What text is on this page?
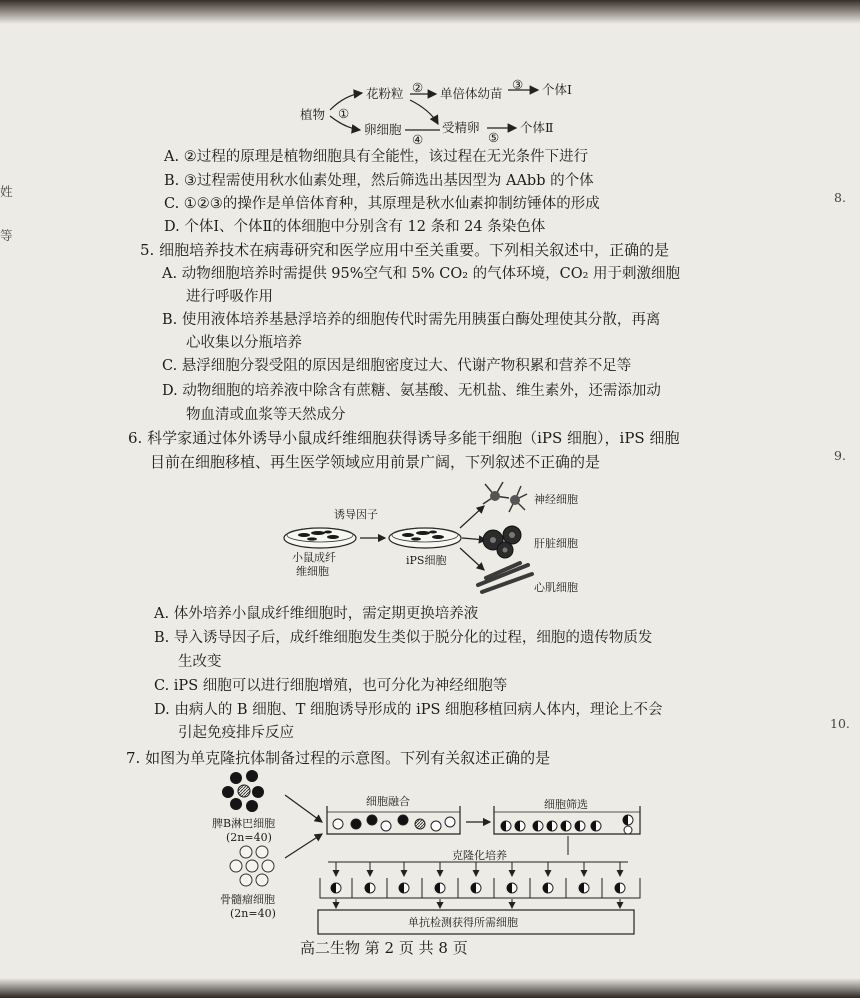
植物 ①
花粉粒 ② 单倍体幼苗
③ 个体Ⅰ
卵细胞
④
受精卵
⑤
个体Ⅱ
A. ②过程的原理是植物细胞具有全能性，该过程在无光条件下进行
B. ③过程需使用秋水仙素处理，然后筛选出基因型为 AAbb 的个体
C. ①②③的操作是单倍体育种，其原理是秋水仙素抑制纺锤体的形成
D. 个体Ⅰ、个体Ⅱ的体细胞中分别含有 12 条和 24 条染色体
5. 细胞培养技术在病毒研究和医学应用中至关重要。下列相关叙述中，正确的是
A. 动物细胞培养时需提供 95%空气和 5% CO₂ 的气体环境，CO₂ 用于刺激细胞
进行呼吸作用
B. 使用液体培养基悬浮培养的细胞传代时需先用胰蛋白酶处理使其分散，再离
心收集以分瓶培养
C. 悬浮细胞分裂受阻的原因是细胞密度过大、代谢产物积累和营养不足等
D. 动物细胞的培养液中除含有蔗糖、氨基酸、无机盐、维生素外，还需添加动
物血清或血浆等天然成分
6. 科学家通过体外诱导小鼠成纤维细胞获得诱导多能干细胞（iPS 细胞），iPS 细胞
目前在细胞移植、再生医学领域应用前景广阔，下列叙述不正确的是
诱导因子
小鼠成纤
维细胞
iPS细胞
神经细胞
肝脏细胞
心肌细胞
A. 体外培养小鼠成纤维细胞时，需定期更换培养液
B. 导入诱导因子后，成纤维细胞发生类似于脱分化的过程，细胞的遗传物质发
生改变
C. iPS 细胞可以进行细胞增殖，也可分化为神经细胞等
D. 由病人的 B 细胞、T 细胞诱导形成的 iPS 细胞移植回病人体内，理论上不会
引起免疫排斥反应
7. 如图为单克隆抗体制备过程的示意图。下列有关叙述正确的是
脾B淋巴细胞
(2n=40)
骨髓瘤细胞
(2n=40)
细胞融合	细胞筛选
克隆化培养
单抗检测获得所需细胞
高二生物 第 2 页 共 8 页
8.
9.
10.
姓
等
